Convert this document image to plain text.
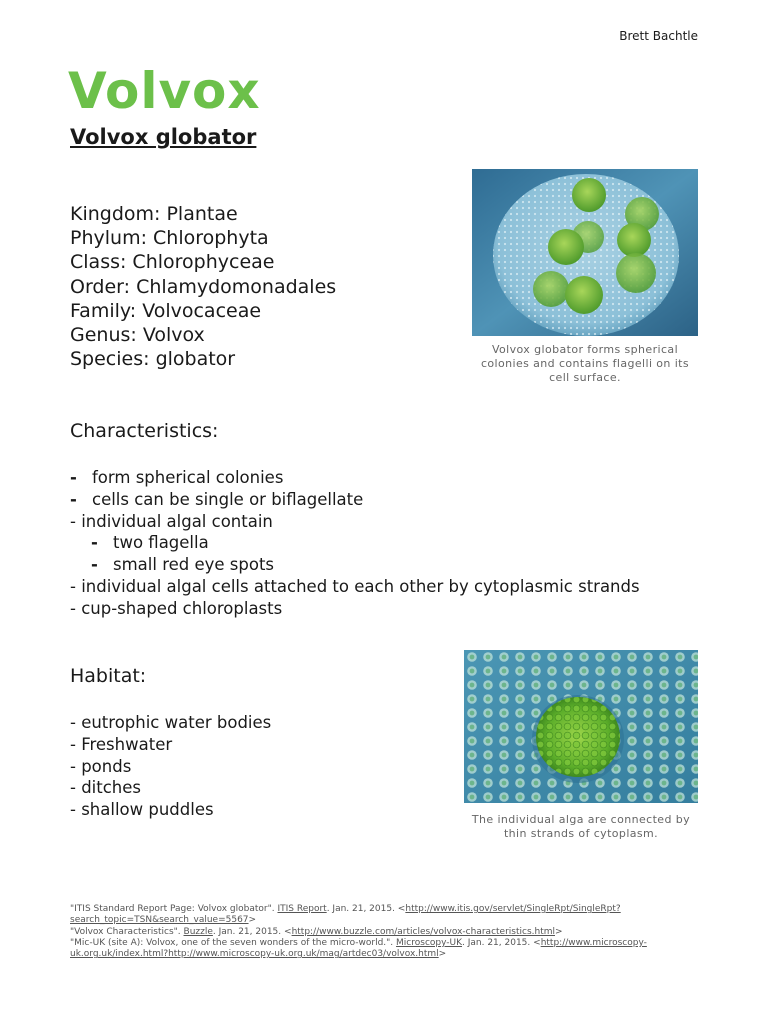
Brett Bachtle
Volvox
Volvox globator
Kingdom: Plantae
Phylum: Chlorophyta
Class: Chlorophyceae
Order: Chlamydomonadales
Family: Volvocaceae
Genus: Volvox
Species: globator	Volvox globator forms spherical
colonies and contains flagelli on its
cell surface.
Characteristics:
- form spherical colonies
- cells can be single or biflagellate
- individual algal contain
- two flagella
- small red eye spots
- individual algal cells attached to each other by cytoplasmic strands
- cup-shaped chloroplasts
Habitat:
- eutrophic water bodies
- Freshwater
- ponds
- ditches
- shallow puddles
The individual alga are connected by
thin strands of cytoplasm.
"ITIS Standard Report Page: Volvox globator". ITIS Report. Jan. 21, 2015. <http://www.itis.gov/servlet/SingleRpt/SingleRpt?search_topic=TSN&search_value=5567>
"Volvox Characteristics". Buzzle. Jan. 21, 2015. <http://www.buzzle.com/articles/volvox-characteristics.html>
"Mic-UK (site A): Volvox, one of the seven wonders of the micro-world.". Microscopy-UK. Jan. 21, 2015. <http://www.microscopy-uk.org.uk/index.html?http://www.microscopy-uk.org.uk/mag/artdec03/volvox.html>
